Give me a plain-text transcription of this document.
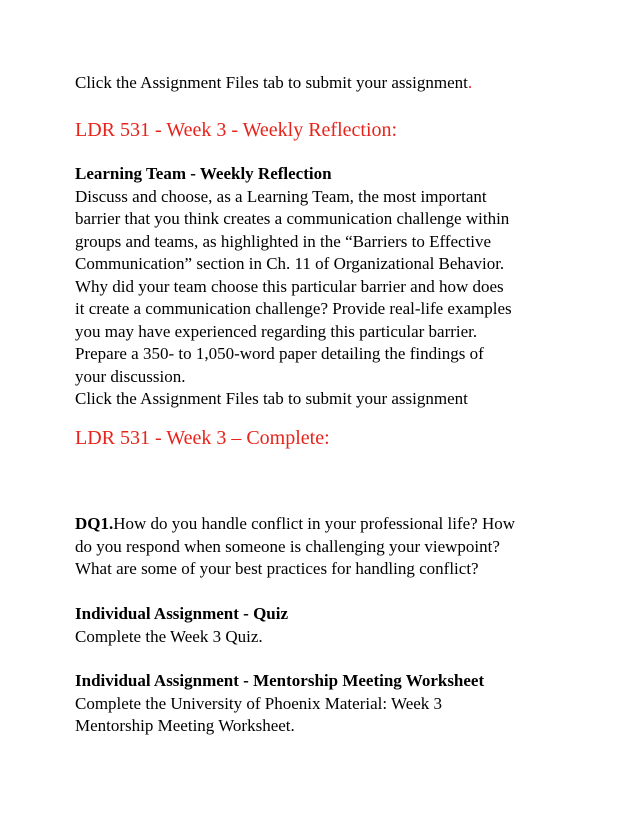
Click the Assignment Files tab to submit your assignment.
LDR 531 - Week 3 - Weekly Reflection:
Learning Team - Weekly Reflection
Discuss and choose, as a Learning Team, the most important
barrier that you think creates a communication challenge within
groups and teams, as highlighted in the “Barriers to Effective
Communication” section in Ch. 11 of Organizational Behavior.
Why did your team choose this particular barrier and how does
it create a communication challenge? Provide real-life examples
you may have experienced regarding this particular barrier.
Prepare a 350- to 1,050-word paper detailing the findings of
your discussion.
Click the Assignment Files tab to submit your assignment
LDR 531 - Week 3 – Complete:
DQ1.How do you handle conflict in your professional life? How
do you respond when someone is challenging your viewpoint?
What are some of your best practices for handling conflict?
Individual Assignment - Quiz
Complete the Week 3 Quiz.
Individual Assignment - Mentorship Meeting Worksheet
Complete the University of Phoenix Material: Week 3
Mentorship Meeting Worksheet.
